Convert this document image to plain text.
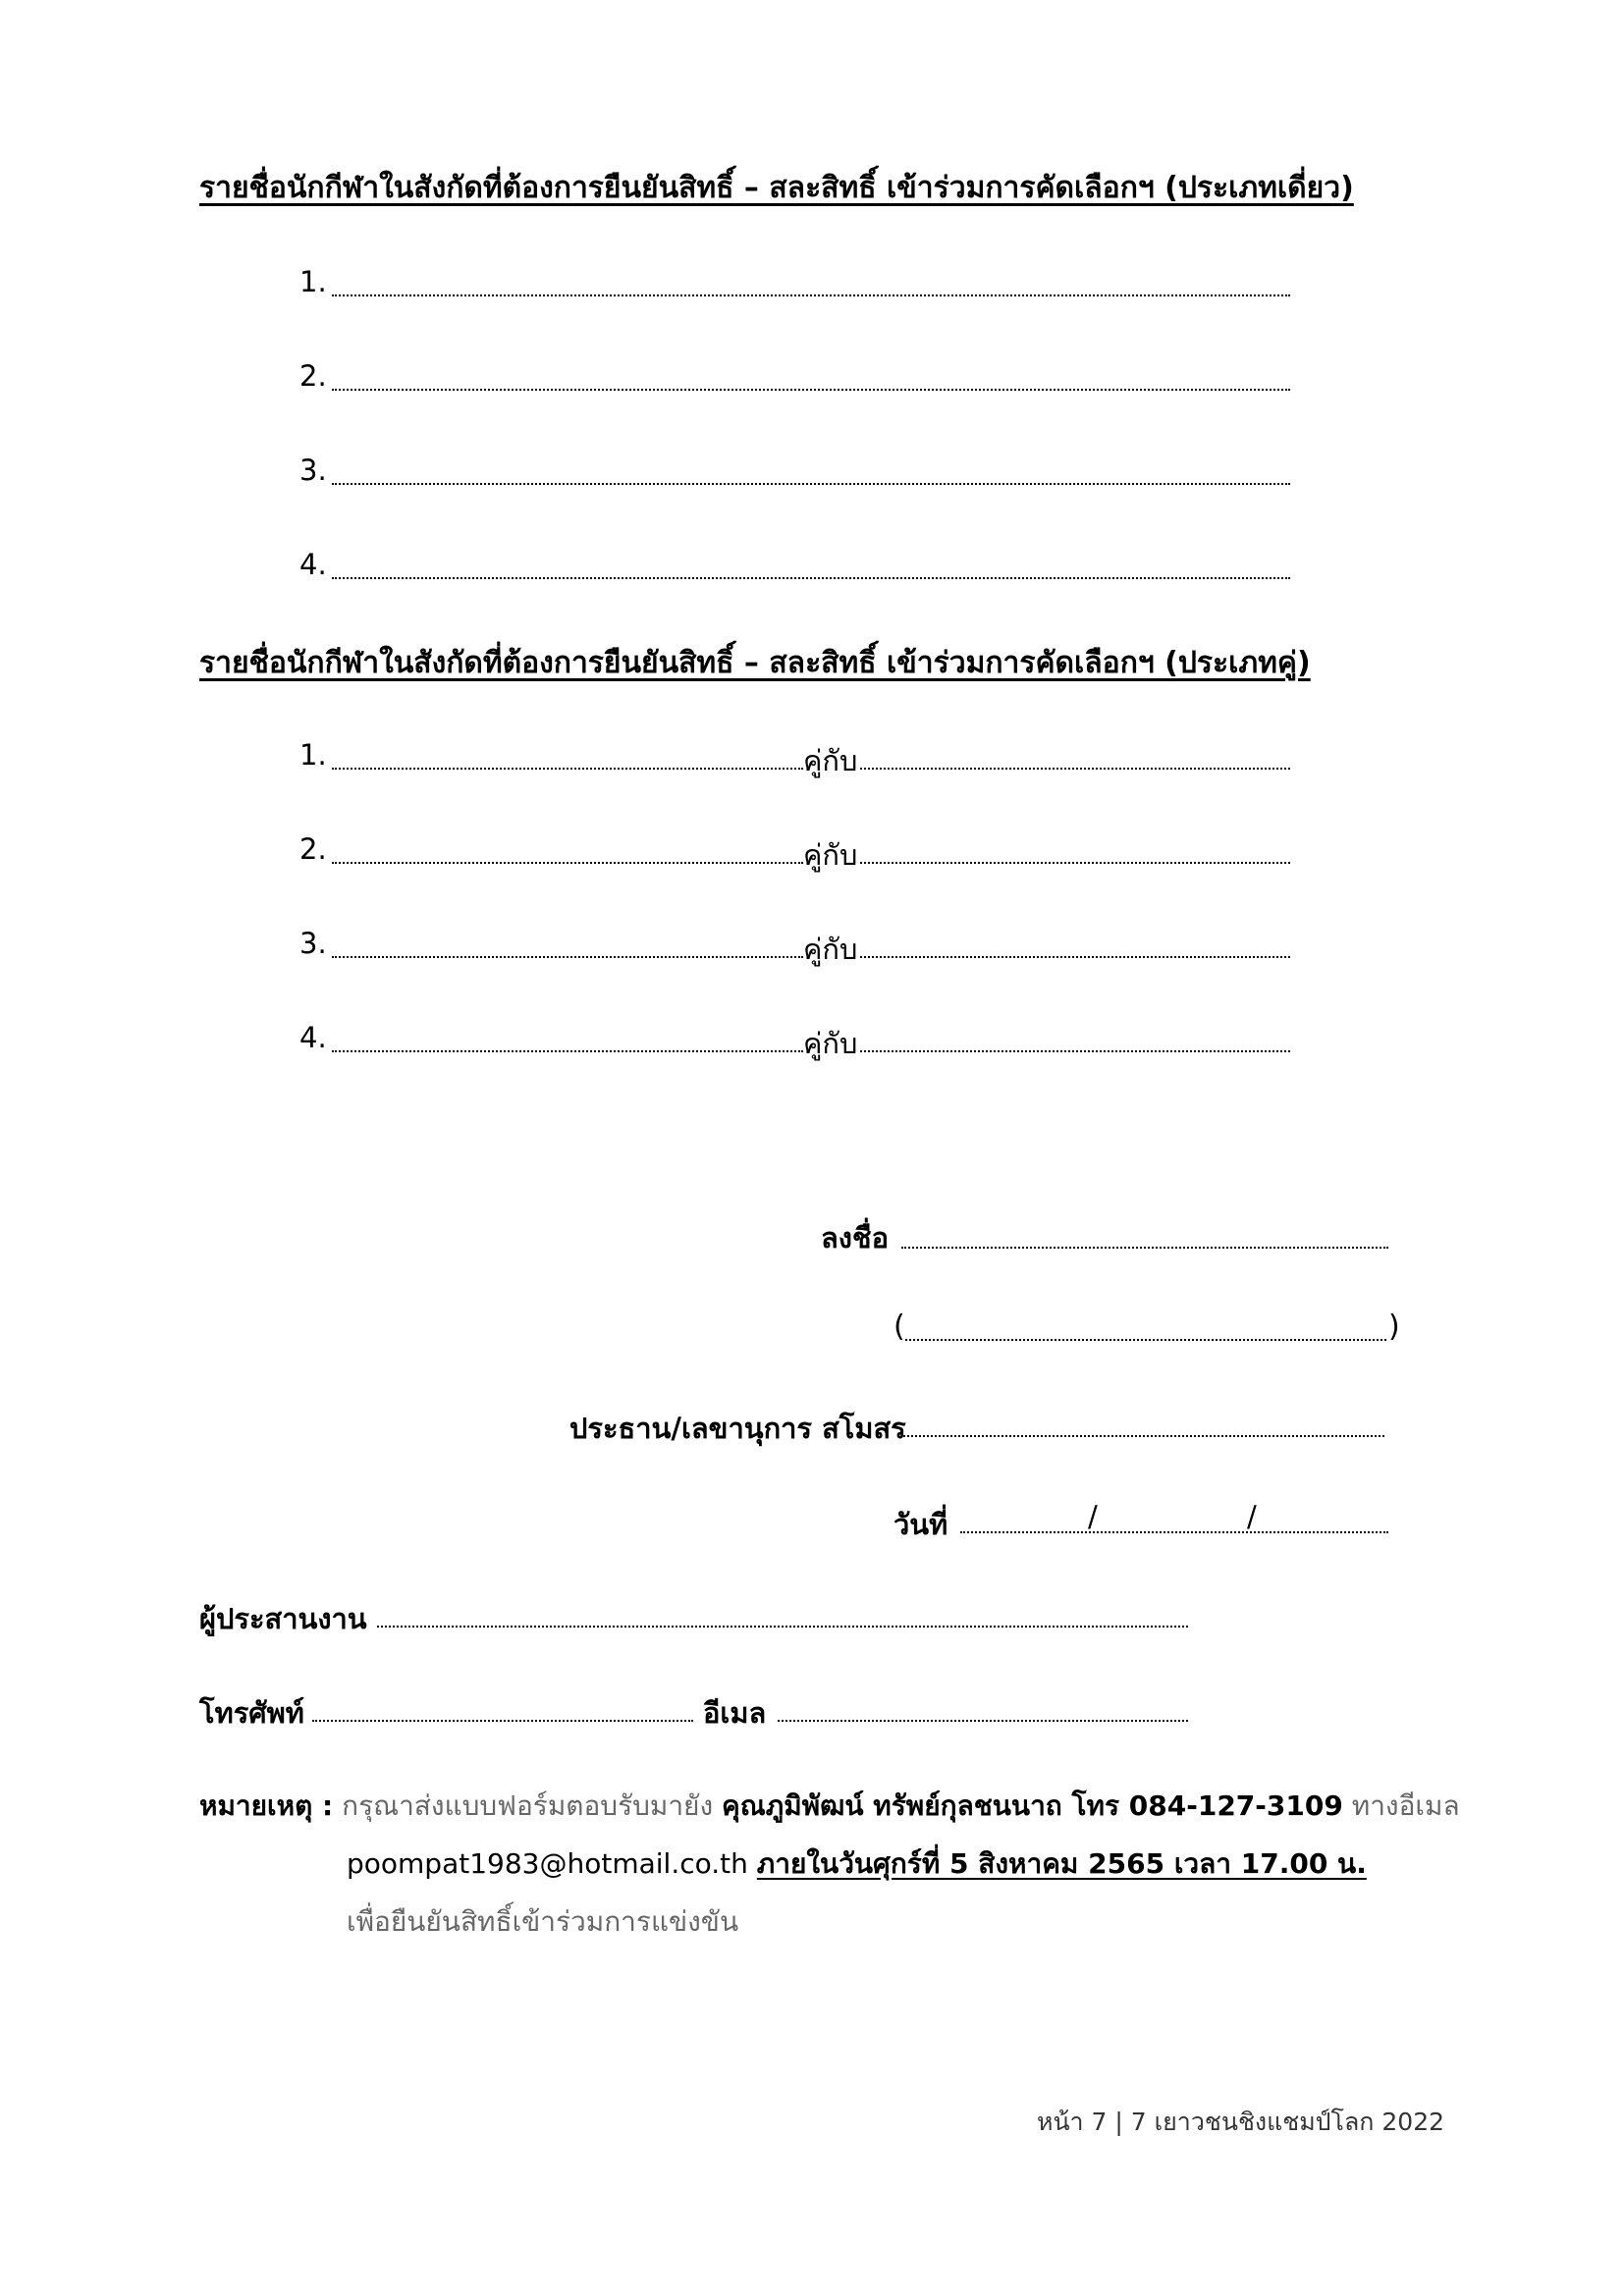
รายชื่อนักกีฬาในสังกัดที่ต้องการยืนยันสิทธิ์ – สละสิทธิ์ เข้าร่วมการคัดเลือกฯ (ประเภทเดี่ยว)
1.
2.
3.
4.
รายชื่อนักกีฬาในสังกัดที่ต้องการยืนยันสิทธิ์ – สละสิทธิ์ เข้าร่วมการคัดเลือกฯ (ประเภทคู่)
1.	คู่กับ
2.	คู่กับ
3.	คู่กับ
4.	คู่กับ
ลงชื่อ
(	)
ประธาน/เลขานุการ สโมสร
วันที่	/	/
ผู้ประสานงาน
โทรศัพท์	อีเมล
หมายเหตุ : กรุณาส่งแบบฟอร์มตอบรับมายัง คุณภูมิพัฒน์ ทรัพย์กุลชนนาถ โทร 084-127-3109 ทางอีเมล
poompat1983@hotmail.co.th ภายในวันศุกร์ที่ 5 สิงหาคม 2565 เวลา 17.00 น.
เพื่อยืนยันสิทธิ์เข้าร่วมการแข่งขัน
หน้า 7 | 7 เยาวชนชิงแชมป์โลก 2022
